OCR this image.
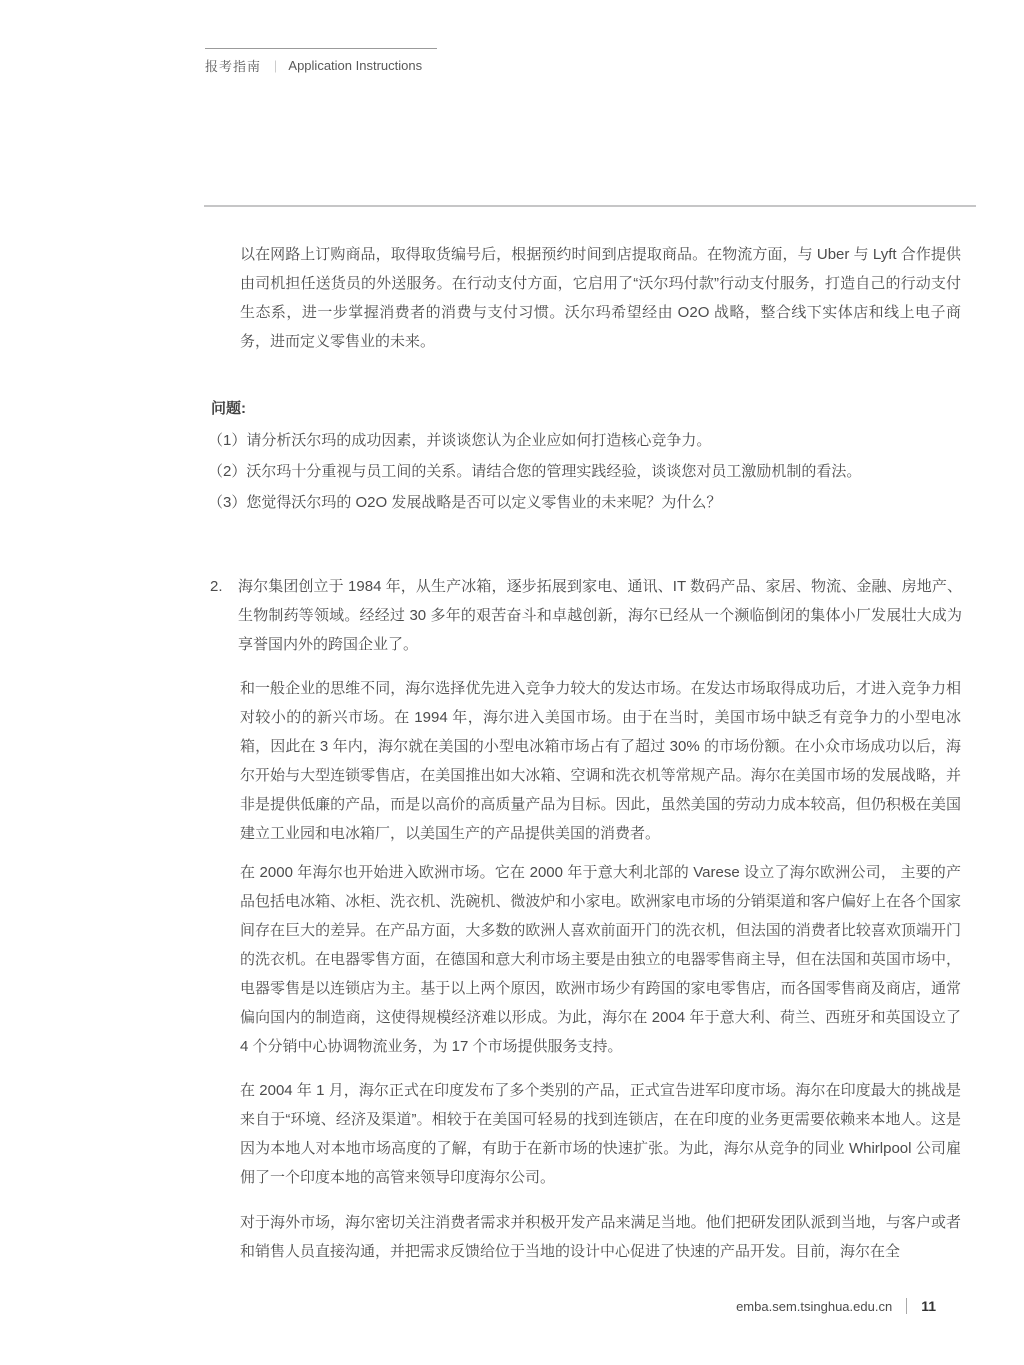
报考指南 | Application Instructions
以在网路上订购商品，取得取货编号后，根据预约时间到店提取商品。在物流方面，与 Uber 与 Lyft 合作提供由司机担任送货员的外送服务。在行动支付方面，它启用了“沃尔玛付款”行动支付服务，打造自己的行动支付生态系，进一步掌握消费者的消费与支付习惯。沃尔玛希望经由 O2O 战略，整合线下实体店和线上电子商务，进而定义零售业的未来。
问题:
（1）请分析沃尔玛的成功因素，并谈谈您认为企业应如何打造核心竞争力。
（2）沃尔玛十分重视与员工间的关系。请结合您的管理实践经验，谈谈您对员工激励机制的看法。
（3）您觉得沃尔玛的 O2O 发展战略是否可以定义零售业的未来呢？为什么？
2.	海尔集团创立于 1984 年，从生产冰箱，逐步拓展到家电、通讯、IT 数码产品、家居、物流、金融、房地产、生物制药等领域。经经过 30 多年的艰苦奋斗和卓越创新，海尔已经从一个濒临倒闭的集体小厂发展壮大成为享誉国内外的跨国企业了。
和一般企业的思维不同，海尔选择优先进入竞争力较大的发达市场。在发达市场取得成功后，才进入竞争力相对较小的的新兴市场。在 1994 年，海尔进入美国市场。由于在当时，美国市场中缺乏有竞争力的小型电冰箱，因此在 3 年内，海尔就在美国的小型电冰箱市场占有了超过 30% 的市场份额。在小众市场成功以后，海尔开始与大型连锁零售店，在美国推出如大冰箱、空调和洗衣机等常规产品。海尔在美国市场的发展战略，并非是提供低廉的产品，而是以高价的高质量产品为目标。因此，虽然美国的劳动力成本较高，但仍积极在美国建立工业园和电冰箱厂，以美国生产的产品提供美国的消费者。
在 2000 年海尔也开始进入欧洲市场。它在 2000 年于意大利北部的 Varese 设立了海尔欧洲公司， 主要的产品包括电冰箱、冰柜、洗衣机、洗碗机、微波炉和小家电。欧洲家电市场的分销渠道和客户偏好上在各个国家间存在巨大的差异。在产品方面，大多数的欧洲人喜欢前面开门的洗衣机，但法国的消费者比较喜欢顶端开门的洗衣机。在电器零售方面，在德国和意大利市场主要是由独立的电器零售商主导，但在法国和英国市场中，电器零售是以连锁店为主。基于以上两个原因，欧洲市场少有跨国的家电零售店，而各国零售商及商店，通常偏向国内的制造商，这使得规模经济难以形成。为此，海尔在 2004 年于意大利、荷兰、西班牙和英国设立了 4 个分销中心协调物流业务，为 17 个市场提供服务支持。
在 2004 年 1 月，海尔正式在印度发布了多个类别的产品，正式宣告进军印度市场。海尔在印度最大的挑战是来自于“环境、经济及渠道”。相较于在美国可轻易的找到连锁店，在在印度的业务更需要依赖来本地人。这是因为本地人对本地市场高度的了解，有助于在新市场的快速扩张。为此，海尔从竞争的同业 Whirlpool 公司雇佣了一个印度本地的高管来领导印度海尔公司。
对于海外市场，海尔密切关注消费者需求并积极开发产品来满足当地。他们把研发团队派到当地，与客户或者和销售人员直接沟通，并把需求反馈给位于当地的设计中心促进了快速的产品开发。目前，海尔在全
emba.sem.tsinghua.edu.cn 11
